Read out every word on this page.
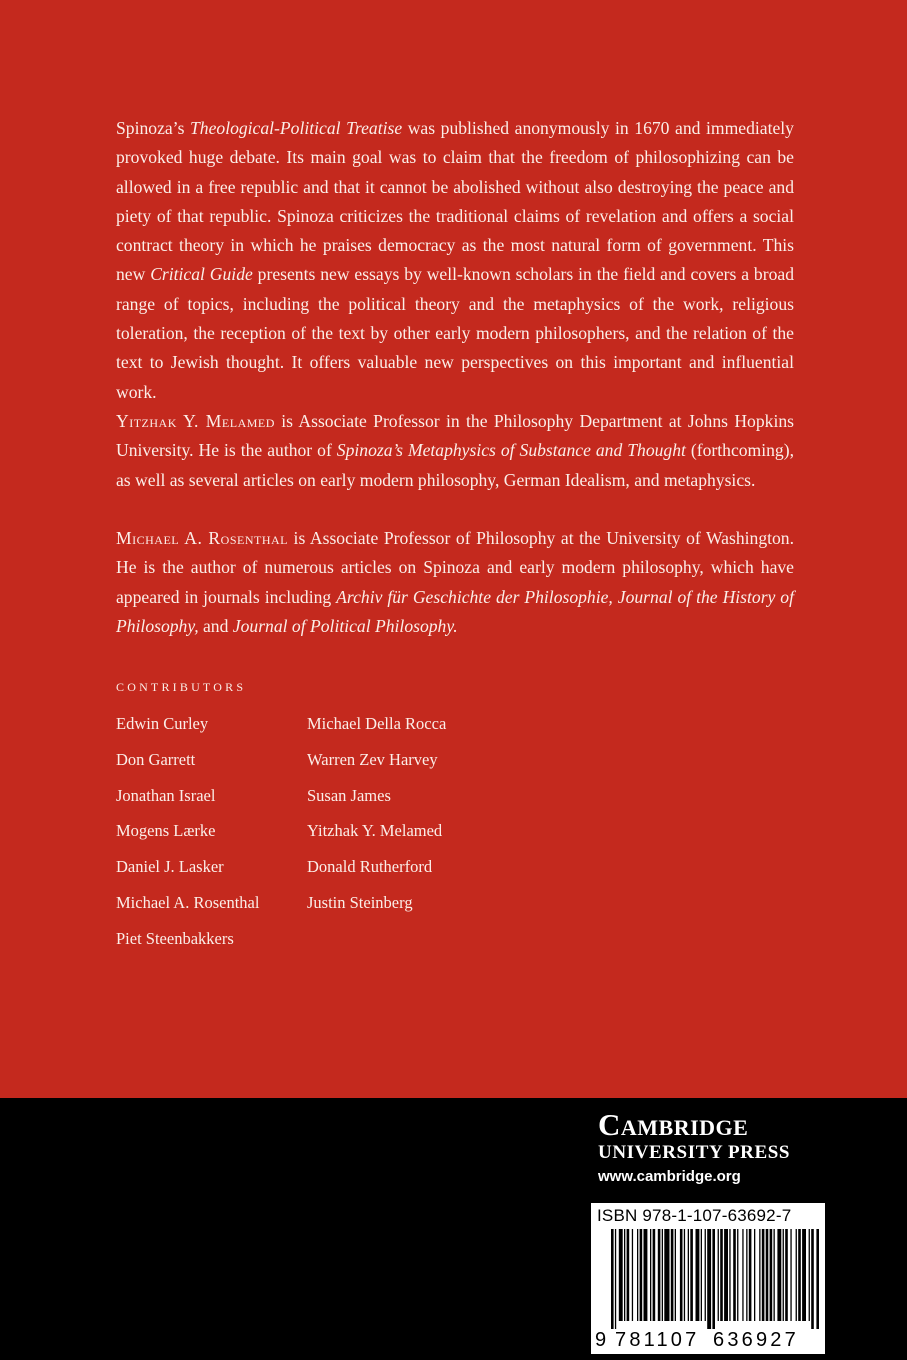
Spinoza’s Theological-Political Treatise was published anonymously in 1670 and immediately provoked huge debate. Its main goal was to claim that the freedom of philosophizing can be allowed in a free republic and that it cannot be abolished without also destroying the peace and piety of that republic. Spinoza criticizes the traditional claims of revelation and offers a social contract theory in which he praises democracy as the most natural form of government. This new Critical Guide presents new essays by well-known scholars in the field and covers a broad range of topics, including the political theory and the metaphysics of the work, religious toleration, the reception of the text by other early modern philosophers, and the relation of the text to Jewish thought. It offers valuable new perspectives on this important and influential work.

Yitzhak Y. Melamed is Associate Professor in the Philosophy Department at Johns Hopkins University. He is the author of Spinoza’s Metaphysics of Substance and Thought (forthcoming), as well as several articles on early modern philosophy, German Idealism, and metaphysics.

Michael A. Rosenthal is Associate Professor of Philosophy at the University of Washington. He is the author of numerous articles on Spinoza and early modern philosophy, which have appeared in journals including Archiv für Geschichte der Philosophie, Journal of the History of Philosophy, and Journal of Political Philosophy.

CONTRIBUTORS
Edwin Curley
Don Garrett
Jonathan Israel
Mogens Lærke
Daniel J. Lasker
Michael A. Rosenthal
Piet Steenbakkers
Michael Della Rocca
Warren Zev Harvey
Susan James
Yitzhak Y. Melamed
Donald Rutherford
Justin Steinberg
Cambridge
UNIVERSITY PRESS
www.cambridge.org
ISBN 978-1-107-63692-7
9 781107 636927
